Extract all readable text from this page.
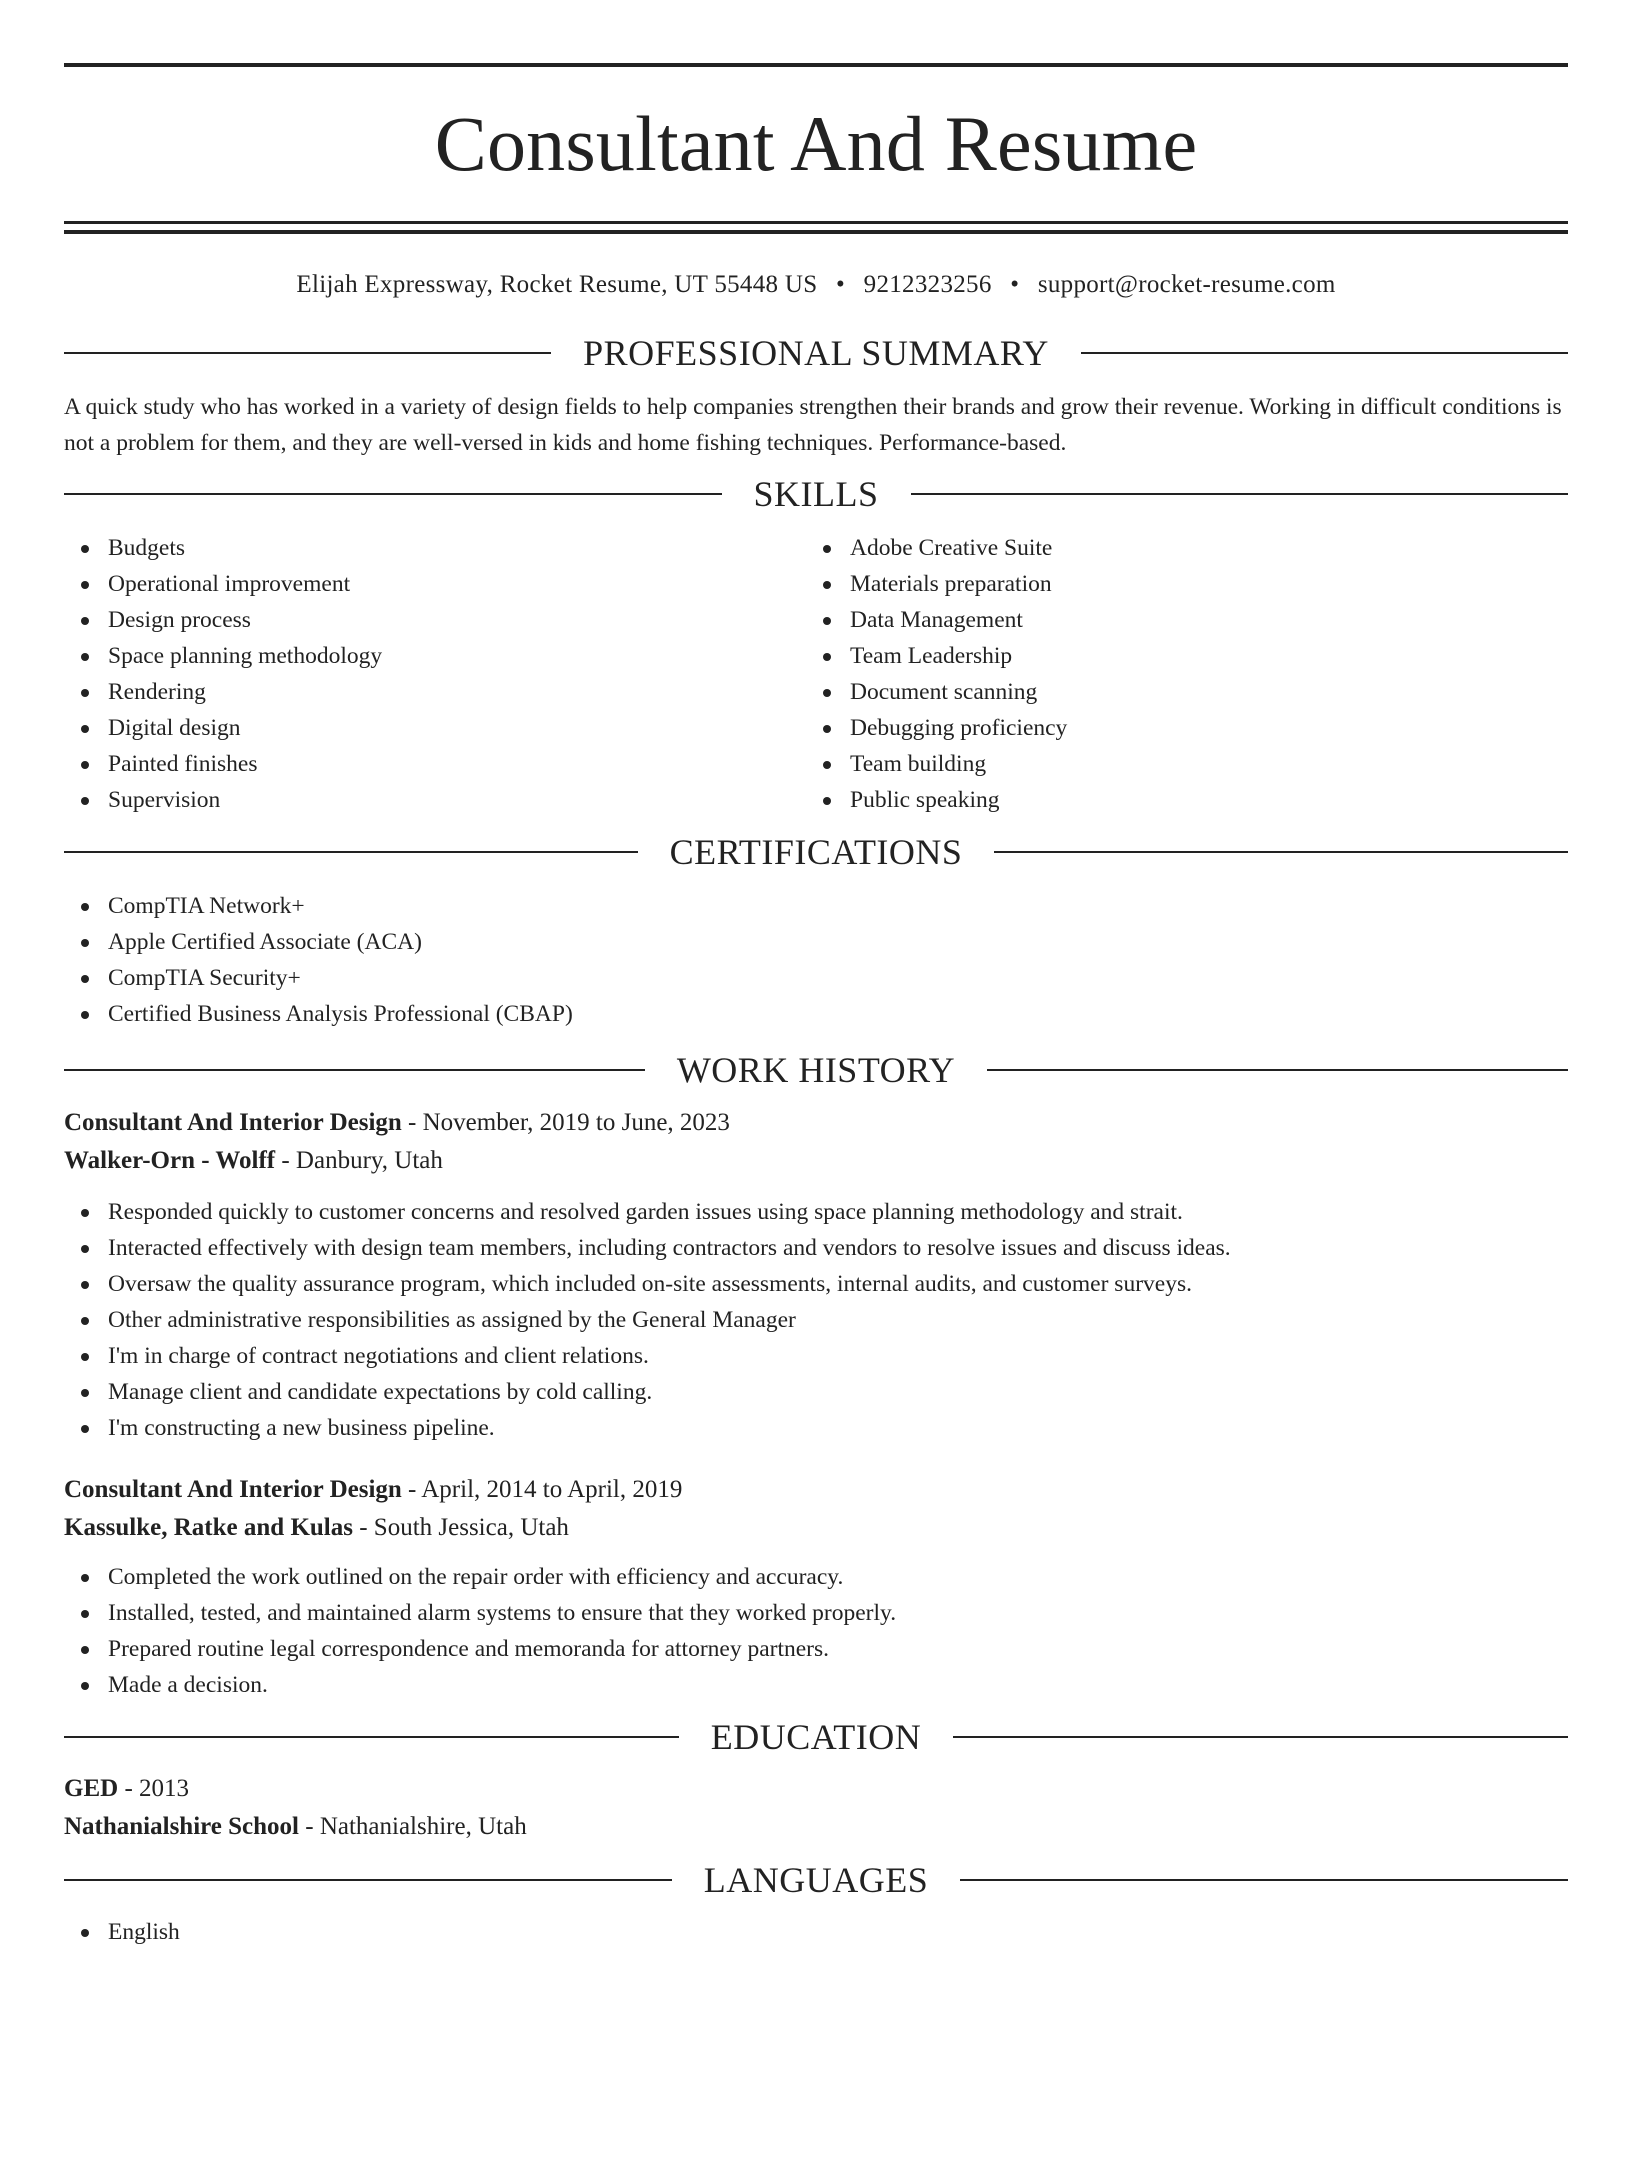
Consultant And Resume
Elijah Expressway, Rocket Resume, UT 55448 US • 9212323256 • support@rocket-resume.com
PROFESSIONAL SUMMARY
A quick study who has worked in a variety of design fields to help companies strengthen their brands and grow their revenue. Working in difficult conditions is not a problem for them, and they are well-versed in kids and home fishing techniques. Performance-based.
SKILLS
Budgets
Operational improvement
Design process
Space planning methodology
Rendering
Digital design
Painted finishes
Supervision
Adobe Creative Suite
Materials preparation
Data Management
Team Leadership
Document scanning
Debugging proficiency
Team building
Public speaking
CERTIFICATIONS
CompTIA Network+
Apple Certified Associate (ACA)
CompTIA Security+
Certified Business Analysis Professional (CBAP)
WORK HISTORY
Consultant And Interior Design - November, 2019 to June, 2023
Walker-Orn - Wolff - Danbury, Utah
Responded quickly to customer concerns and resolved garden issues using space planning methodology and strait.
Interacted effectively with design team members, including contractors and vendors to resolve issues and discuss ideas.
Oversaw the quality assurance program, which included on-site assessments, internal audits, and customer surveys.
Other administrative responsibilities as assigned by the General Manager
I'm in charge of contract negotiations and client relations.
Manage client and candidate expectations by cold calling.
I'm constructing a new business pipeline.
Consultant And Interior Design - April, 2014 to April, 2019
Kassulke, Ratke and Kulas - South Jessica, Utah
Completed the work outlined on the repair order with efficiency and accuracy.
Installed, tested, and maintained alarm systems to ensure that they worked properly.
Prepared routine legal correspondence and memoranda for attorney partners.
Made a decision.
EDUCATION
GED - 2013
Nathanialshire School - Nathanialshire, Utah
LANGUAGES
English
